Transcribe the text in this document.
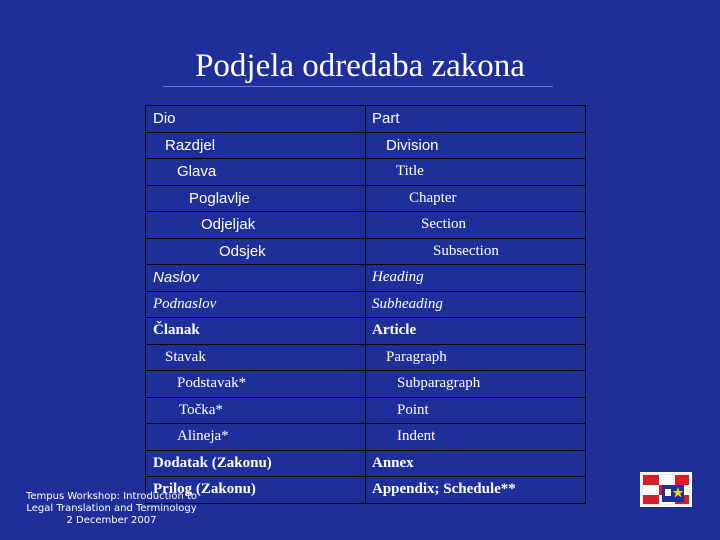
Podjela odredaba zakona
Dio	Part
Razdjel	Division
Glava	Title
Poglavlje	Chapter
Odjeljak	Section
Odsjek	Subsection
Naslov	Heading
Podnaslov	Subheading
Članak	Article
Stavak	Paragraph
Podstavak*	Subparagraph
Točka*	Point
Alineja*	Indent
Dodatak (Zakonu)	Annex
Prilog (Zakonu)	Appendix; Schedule**
Tempus Workshop: Introduction to
Legal Translation and Terminology
2 December 2007
